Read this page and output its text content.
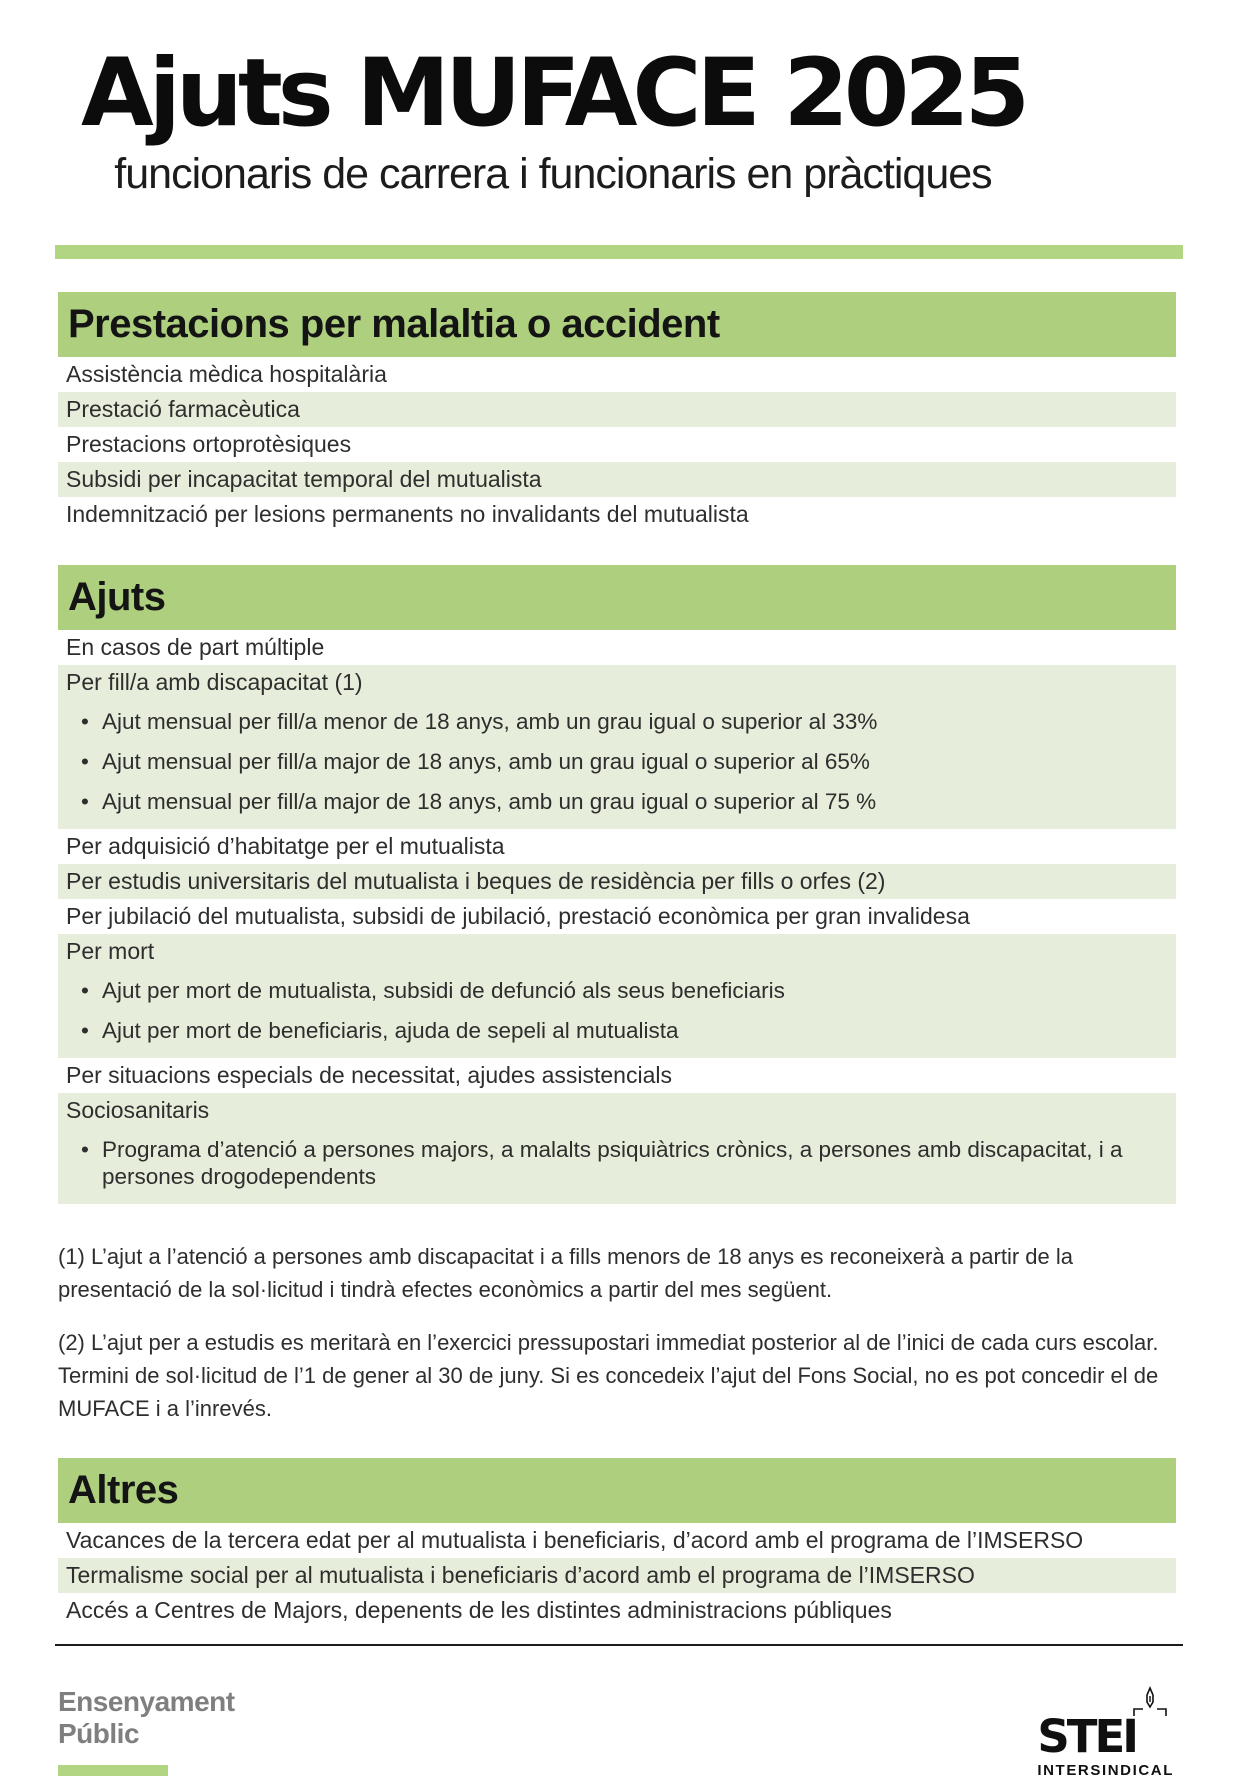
Ajuts MUFACE 2025
funcionaris de carrera i funcionaris en pràctiques
Prestacions per malaltia o accident
Assistència mèdica hospitalària
Prestació farmacèutica
Prestacions ortoprotèsiques
Subsidi per incapacitat temporal del mutualista
Indemnització per lesions permanents no invalidants del mutualista
Ajuts
En casos de part múltiple
Per fill/a amb discapacitat (1)
• Ajut mensual per fill/a menor de 18 anys, amb un grau igual o superior al 33%
• Ajut mensual per fill/a major de 18 anys, amb un grau igual o superior al 65%
• Ajut mensual per fill/a major de 18 anys, amb un grau igual o superior al 75 %
Per adquisició d’habitatge per el mutualista
Per estudis universitaris del mutualista i beques de residència per fills o orfes (2)
Per jubilació del mutualista, subsidi de jubilació, prestació econòmica per gran invalidesa
Per mort
• Ajut per mort de mutualista, subsidi de defunció als seus beneficiaris
• Ajut per mort de beneficiaris, ajuda de sepeli al mutualista
Per situacions especials de necessitat, ajudes assistencials
Sociosanitaris
• Programa d’atenció a persones majors, a malalts psiquiàtrics crònics, a persones amb discapacitat, i a persones drogodependents

(1) L’ajut a l’atenció a persones amb discapacitat i a fills menors de 18 anys es reconeixerà a partir de la presentació de la sol·licitud i tindrà efectes econòmics a partir del mes següent.

(2) L’ajut per a estudis es meritarà en l’exercici pressupostari immediat posterior al de l’inici de cada curs escolar. Termini de sol·licitud de l’1 de gener al 30 de juny. Si es concedeix l’ajut del Fons Social, no es pot concedir el de MUFACE i a l’inrevés.

Altres
Vacances de la tercera edat per al mutualista i beneficiaris, d’acord amb el programa de l’IMSERSO
Termalisme social per al mutualista i beneficiaris d’acord amb el programa de l’IMSERSO
Accés a Centres de Majors, depenents de les distintes administracions públiques
Ensenyament
Públic	STEI
INTERSINDICAL
